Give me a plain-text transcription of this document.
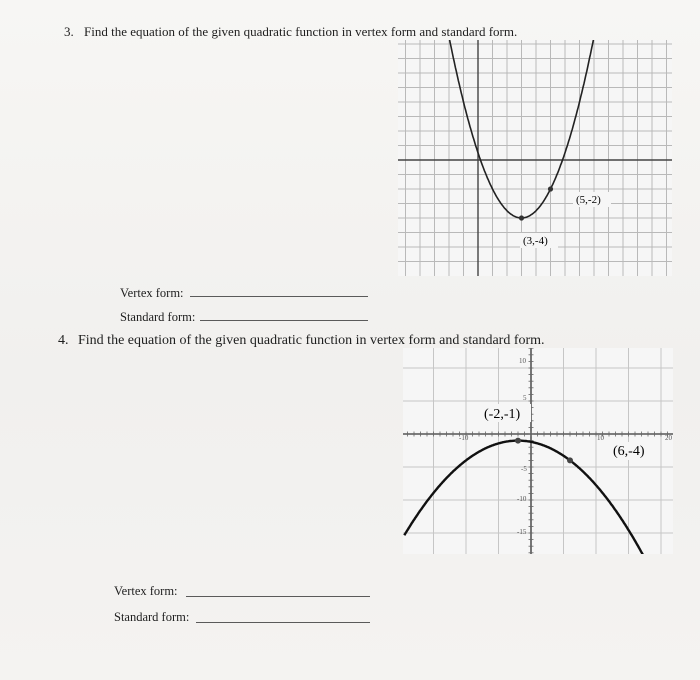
3. Find the equation of the given quadratic function in vertex form and standard form.
(5,-2)
(3,-4)
Vertex form:
Standard form:
4. Find the equation of the given quadratic function in vertex form and standard form.
-10	10	20
10
5
-5
-10
-15
(-2,-1)
(6,-4)
Vertex form:
Standard form:
